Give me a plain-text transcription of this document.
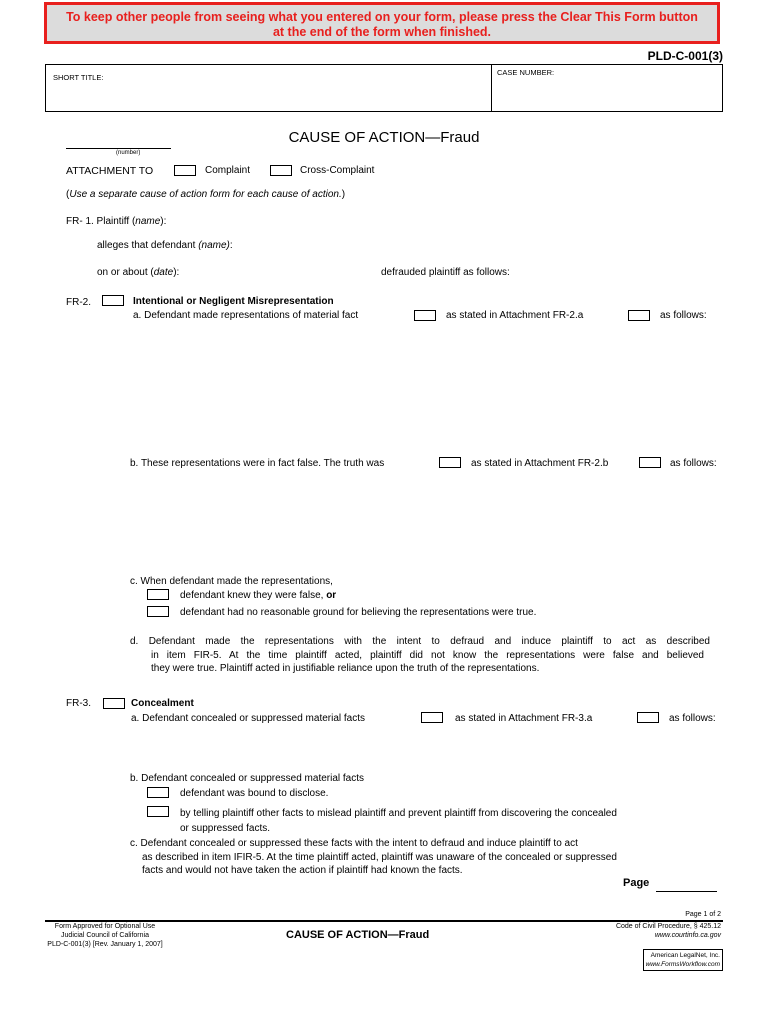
To keep other people from seeing what you entered on your form, please press the Clear This Form button
at the end of the form when finished.
PLD-C-001(3)
SHORT TITLE:
CASE NUMBER:
CAUSE OF ACTION—Fraud
(number)
ATTACHMENT TO	Complaint	Cross-Complaint
(Use a separate cause of action form for each cause of action.)
FR- 1. Plaintiff (name):
alleges that defendant (name):
on or about (date):	defrauded plaintiff as follows:
FR-2.	Intentional or Negligent Misrepresentation
a. Defendant made representations of material fact	as stated in Attachment FR-2.a	as follows:
b. These representations were in fact false. The truth was	as stated in Attachment FR-2.b	as follows:
c. When defendant made the representations,
defendant knew they were false, or
defendant had no reasonable ground for believing the representations were true.
d. Defendant made the representations with the intent to defraud and induce plaintiff to act as described
in item FIR-5. At the time plaintiff acted, plaintiff did not know the representations were false and believed
they were true. Plaintiff acted in justifiable reliance upon the truth of the representations.
FR-3.	Concealment
a. Defendant concealed or suppressed material facts	as stated in Attachment FR-3.a	as follows:
b. Defendant concealed or suppressed material facts
defendant was bound to disclose.
by telling plaintiff other facts to mislead plaintiff and prevent plaintiff from discovering the concealed
or suppressed facts.
c. Defendant concealed or suppressed these facts with the intent to defraud and induce plaintiff to act
as described in item IFIR-5. At the time plaintiff acted, plaintiff was unaware of the concealed or suppressed
facts and would not have taken the action if plaintiff had known the facts.
Page
Page 1 of 2
Form Approved for Optional Use
Judicial Council of California
PLD-C-001(3) [Rev. January 1, 2007]
CAUSE OF ACTION—Fraud
Code of Civil Procedure, § 425.12
www.courtinfo.ca.gov
American LegalNet, Inc.
www.FormsWorkflow.com
